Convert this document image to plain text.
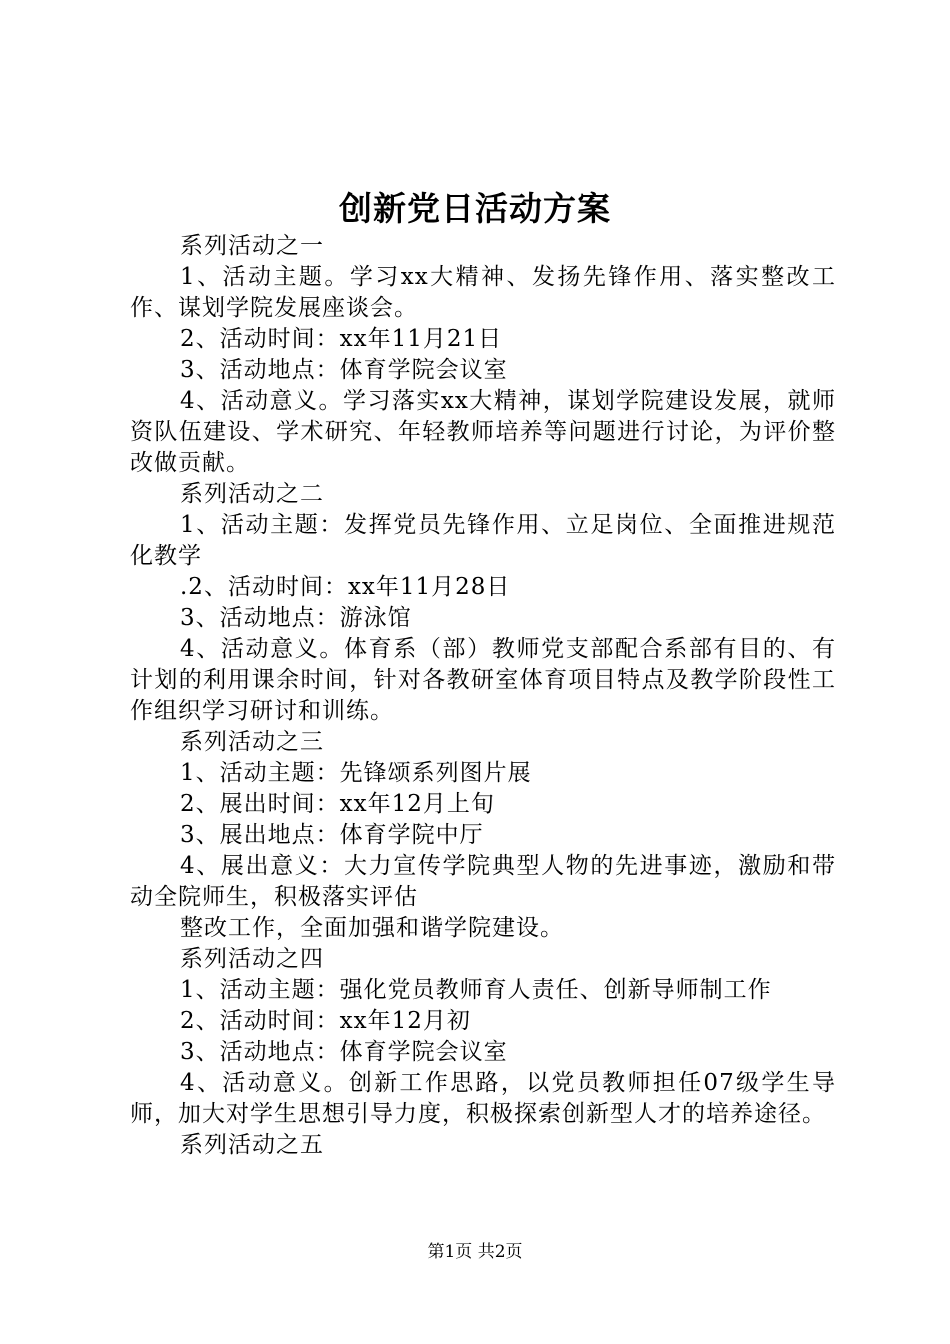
创新党日活动方案

系列活动之一

1、活动主题。学习xx大精神、发扬先锋作用、落实整改工作、谋划学院发展座谈会。

2、活动时间：xx年11月21日

3、活动地点：体育学院会议室

4、活动意义。学习落实xx大精神，谋划学院建设发展，就师资队伍建设、学术研究、年轻教师培养等问题进行讨论，为评价整改做贡献。

系列活动之二

1、活动主题：发挥党员先锋作用、立足岗位、全面推进规范化教学

.2、活动时间：xx年11月28日

3、活动地点：游泳馆

4、活动意义。体育系（部）教师党支部配合系部有目的、有计划的利用课余时间，针对各教研室体育项目特点及教学阶段性工作组织学习研讨和训练。

系列活动之三

1、活动主题：先锋颂系列图片展

2、展出时间：xx年12月上旬

3、展出地点：体育学院中厅

4、展出意义：大力宣传学院典型人物的先进事迹，激励和带动全院师生，积极落实评估

整改工作，全面加强和谐学院建设。

系列活动之四

1、活动主题：强化党员教师育人责任、创新导师制工作

2、活动时间：xx年12月初

3、活动地点：体育学院会议室

4、活动意义。创新工作思路，以党员教师担任07级学生导师，加大对学生思想引导力度，积极探索创新型人才的培养途径。

系列活动之五

第1页 共2页
